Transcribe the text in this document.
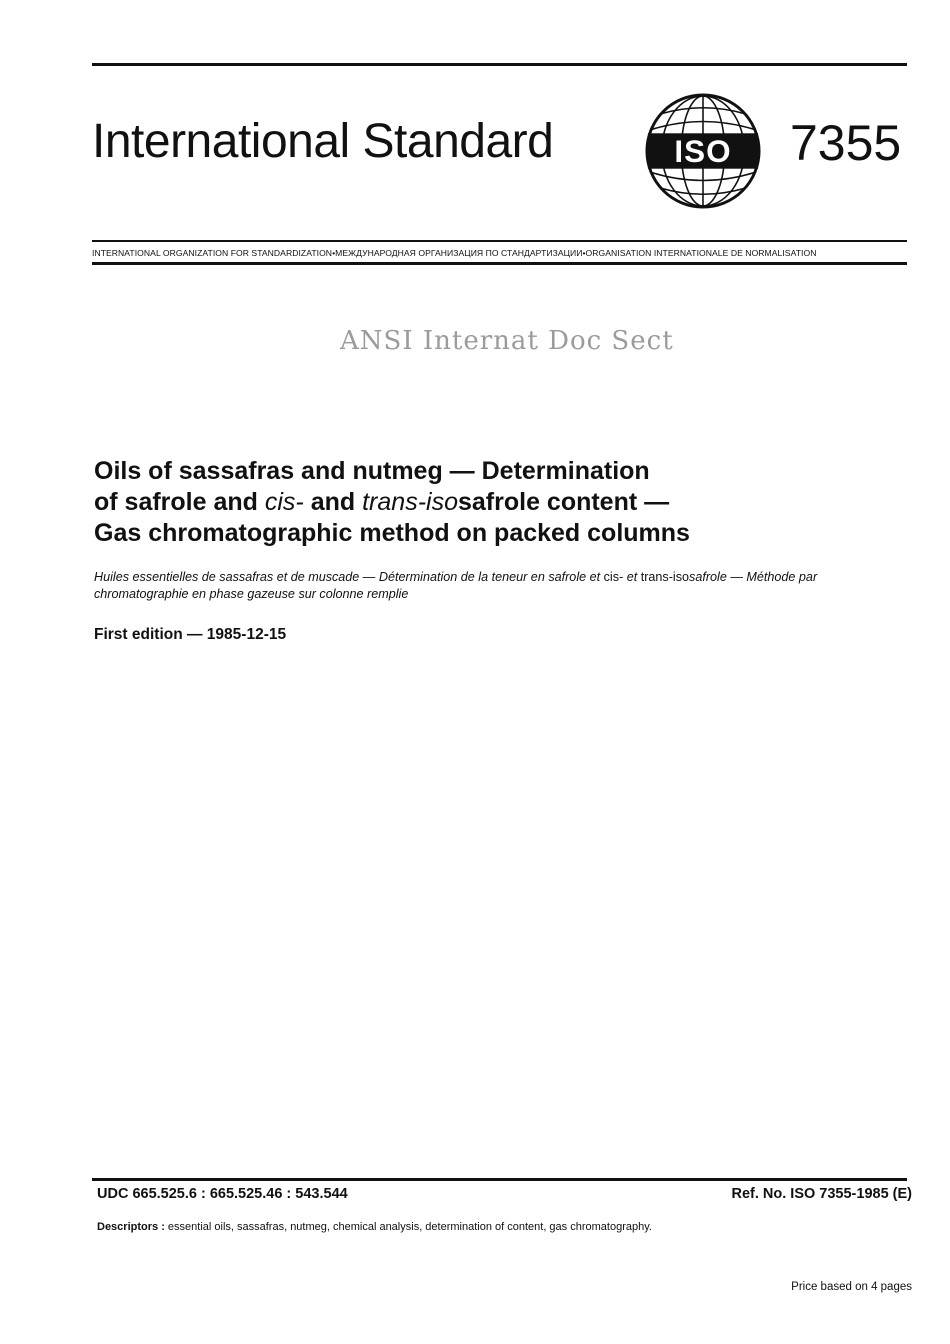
International Standard	ISO 7355
INTERNATIONAL ORGANIZATION FOR STANDARDIZATION•МЕЖДУНАРОДНАЯ ОРГАНИЗАЦИЯ ПО СТАНДАРТИЗАЦИИ•ORGANISATION INTERNATIONALE DE NORMALISATION
ANSI Internat Doc Sect
Oils of sassafras and nutmeg — Determination
of safrole and cis- and trans-isosafrole content —
Gas chromatographic method on packed columns

Huiles essentielles de sassafras et de muscade — Détermination de la teneur en safrole et cis- et trans-isosafrole — Méthode par chromatographie en phase gazeuse sur colonne remplie

First edition — 1985-12-15
UDC 665.525.6 : 665.525.46 : 543.544	Ref. No. ISO 7355-1985 (E)
Descriptors : essential oils, sassafras, nutmeg, chemical analysis, determination of content, gas chromatography.
Price based on 4 pages
